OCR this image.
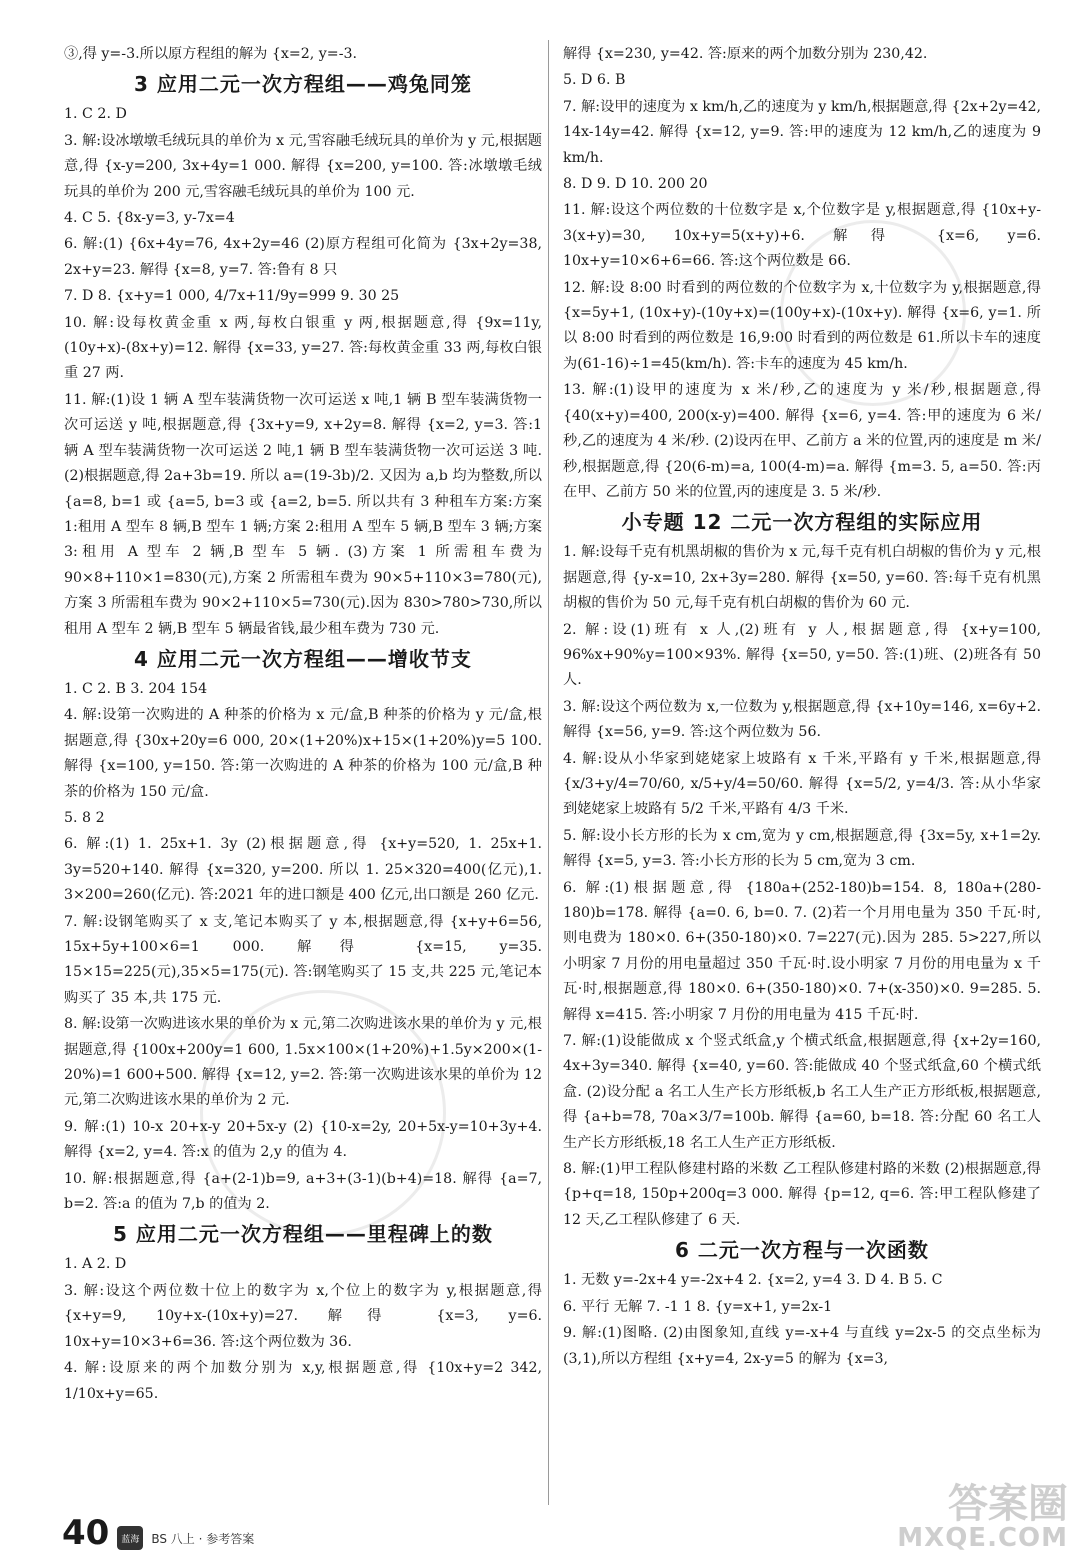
③,得 y=-3.所以原方程组的解为 {x=2, y=-3.

3 应用二元一次方程组——鸡兔同笼

1. C 2. D

3. 解:设冰墩墩毛绒玩具的单价为 x 元,雪容融毛绒玩具的单价为 y 元,根据题意,得 {x-y=200, 3x+4y=1 000. 解得 {x=200, y=100. 答:冰墩墩毛绒玩具的单价为 200 元,雪容融毛绒玩具的单价为 100 元.

4. C 5. {8x-y=3, y-7x=4

6. 解:(1) {6x+4y=76, 4x+2y=46 (2)原方程组可化简为 {3x+2y=38, 2x+y=23. 解得 {x=8, y=7. 答:鲁有 8 只

7. D 8. {x+y=1 000, 4/7x+11/9y=999 9. 30 25

10. 解:设每枚黄金重 x 两,每枚白银重 y 两,根据题意,得 {9x=11y, (10y+x)-(8x+y)=12. 解得 {x=33, y=27. 答:每枚黄金重 33 两,每枚白银重 27 两.

11. 解:(1)设 1 辆 A 型车装满货物一次可运送 x 吨,1 辆 B 型车装满货物一次可运送 y 吨,根据题意,得 {3x+y=9, x+2y=8. 解得 {x=2, y=3. 答:1 辆 A 型车装满货物一次可运送 2 吨,1 辆 B 型车装满货物一次可运送 3 吨. (2)根据题意,得 2a+3b=19. 所以 a=(19-3b)/2. 又因为 a,b 均为整数,所以 {a=8, b=1 或 {a=5, b=3 或 {a=2, b=5. 所以共有 3 种租车方案:方案 1:租用 A 型车 8 辆,B 型车 1 辆;方案 2:租用 A 型车 5 辆,B 型车 3 辆;方案 3:租用 A 型车 2 辆,B 型车 5 辆. (3)方案 1 所需租车费为 90×8+110×1=830(元),方案 2 所需租车费为 90×5+110×3=780(元),方案 3 所需租车费为 90×2+110×5=730(元).因为 830>780>730,所以租用 A 型车 2 辆,B 型车 5 辆最省钱,最少租车费为 730 元.

4 应用二元一次方程组——增收节支

1. C 2. B 3. 204 154

4. 解:设第一次购进的 A 种茶的价格为 x 元/盒,B 种茶的价格为 y 元/盒,根据题意,得 {30x+20y=6 000, 20×(1+20%)x+15×(1+20%)y=5 100. 解得 {x=100, y=150. 答:第一次购进的 A 种茶的价格为 100 元/盒,B 种茶的价格为 150 元/盒.

5. 8 2

6. 解:(1) 1. 25x+1. 3y (2)根据题意,得 {x+y=520, 1. 25x+1. 3y=520+140. 解得 {x=320, y=200. 所以 1. 25×320=400(亿元),1. 3×200=260(亿元). 答:2021 年的进口额是 400 亿元,出口额是 260 亿元.

7. 解:设钢笔购买了 x 支,笔记本购买了 y 本,根据题意,得 {x+y+6=56, 15x+5y+100×6=1 000. 解得 {x=15, y=35. 15×15=225(元),35×5=175(元). 答:钢笔购买了 15 支,共 225 元,笔记本购买了 35 本,共 175 元.

8. 解:设第一次购进该水果的单价为 x 元,第二次购进该水果的单价为 y 元,根据题意,得 {100x+200y=1 600, 1.5x×100×(1+20%)+1.5y×200×(1-20%)=1 600+500. 解得 {x=12, y=2. 答:第一次购进该水果的单价为 12 元,第二次购进该水果的单价为 2 元.

9. 解:(1) 10-x 20+x-y 20+5x-y (2) {10-x=2y, 20+5x-y=10+3y+4. 解得 {x=2, y=4. 答:x 的值为 2,y 的值为 4.

10. 解:根据题意,得 {a+(2-1)b=9, a+3+(3-1)(b+4)=18. 解得 {a=7, b=2. 答:a 的值为 7,b 的值为 2.

5 应用二元一次方程组——里程碑上的数

1. A 2. D

3. 解:设这个两位数十位上的数字为 x,个位上的数字为 y,根据题意,得 {x+y=9, 10y+x-(10x+y)=27. 解得 {x=3, y=6. 10x+y=10×3+6=36. 答:这个两位数为 36.

4. 解:设原来的两个加数分别为 x,y,根据题意,得 {10x+y=2 342, 1/10x+y=65.

解得 {x=230, y=42. 答:原来的两个加数分别为 230,42.

5. D 6. B

7. 解:设甲的速度为 x km/h,乙的速度为 y km/h,根据题意,得 {2x+2y=42, 14x-14y=42. 解得 {x=12, y=9. 答:甲的速度为 12 km/h,乙的速度为 9 km/h.

8. D 9. D 10. 200 20

11. 解:设这个两位数的十位数字是 x,个位数字是 y,根据题意,得 {10x+y-3(x+y)=30, 10x+y=5(x+y)+6. 解得 {x=6, y=6. 10x+y=10×6+6=66. 答:这个两位数是 66.

12. 解:设 8:00 时看到的两位数的个位数字为 x,十位数字为 y,根据题意,得 {x=5y+1, (10x+y)-(10y+x)=(100y+x)-(10x+y). 解得 {x=6, y=1. 所以 8:00 时看到的两位数是 16,9:00 时看到的两位数是 61.所以卡车的速度为(61-16)÷1=45(km/h). 答:卡车的速度为 45 km/h.

13. 解:(1)设甲的速度为 x 米/秒,乙的速度为 y 米/秒,根据题意,得 {40(x+y)=400, 200(x-y)=400. 解得 {x=6, y=4. 答:甲的速度为 6 米/秒,乙的速度为 4 米/秒. (2)设丙在甲、乙前方 a 米的位置,丙的速度是 m 米/秒,根据题意,得 {20(6-m)=a, 100(4-m)=a. 解得 {m=3. 5, a=50. 答:丙在甲、乙前方 50 米的位置,丙的速度是 3. 5 米/秒.

小专题 12 二元一次方程组的实际应用

1. 解:设每千克有机黑胡椒的售价为 x 元,每千克有机白胡椒的售价为 y 元,根据题意,得 {y-x=10, 2x+3y=280. 解得 {x=50, y=60. 答:每千克有机黑胡椒的售价为 50 元,每千克有机白胡椒的售价为 60 元.

2. 解:设(1)班有 x 人,(2)班有 y 人,根据题意,得 {x+y=100, 96%x+90%y=100×93%. 解得 {x=50, y=50. 答:(1)班、(2)班各有 50 人.

3. 解:设这个两位数为 x,一位数为 y,根据题意,得 {x+10y=146, x=6y+2. 解得 {x=56, y=9. 答:这个两位数为 56.

4. 解:设从小华家到姥姥家上坡路有 x 千米,平路有 y 千米,根据题意,得 {x/3+y/4=70/60, x/5+y/4=50/60. 解得 {x=5/2, y=4/3. 答:从小华家到姥姥家上坡路有 5/2 千米,平路有 4/3 千米.

5. 解:设小长方形的长为 x cm,宽为 y cm,根据题意,得 {3x=5y, x+1=2y. 解得 {x=5, y=3. 答:小长方形的长为 5 cm,宽为 3 cm.

6. 解:(1)根据题意,得 {180a+(252-180)b=154. 8, 180a+(280-180)b=178. 解得 {a=0. 6, b=0. 7. (2)若一个月用电量为 350 千瓦·时,则电费为 180×0. 6+(350-180)×0. 7=227(元).因为 285. 5>227,所以小明家 7 月份的用电量超过 350 千瓦·时.设小明家 7 月份的用电量为 x 千瓦·时,根据题意,得 180×0. 6+(350-180)×0. 7+(x-350)×0. 9=285. 5. 解得 x=415. 答:小明家 7 月份的用电量为 415 千瓦·时.

7. 解:(1)设能做成 x 个竖式纸盒,y 个横式纸盒,根据题意,得 {x+2y=160, 4x+3y=340. 解得 {x=40, y=60. 答:能做成 40 个竖式纸盒,60 个横式纸盒. (2)设分配 a 名工人生产长方形纸板,b 名工人生产正方形纸板,根据题意,得 {a+b=78, 70a×3/7=100b. 解得 {a=60, b=18. 答:分配 60 名工人生产长方形纸板,18 名工人生产正方形纸板.

8. 解:(1)甲工程队修建村路的米数 乙工程队修建村路的米数 (2)根据题意,得 {p+q=18, 150p+200q=3 000. 解得 {p=12, q=6. 答:甲工程队修建了 12 天,乙工程队修建了 6 天.

6 二元一次方程与一次函数

1. 无数 y=-2x+4 y=-2x+4 2. {x=2, y=4 3. D 4. B 5. C

6. 平行 无解 7. -1 1 8. {y=x+1, y=2x-1

9. 解:(1)图略. (2)由图象知,直线 y=-x+4 与直线 y=2x-5 的交点坐标为(3,1),所以方程组 {x+y=4, 2x-y=5 的解为 {x=3,

40 蓝海 BS 八上 · 参考答案
答案圈
MXQE.COM
